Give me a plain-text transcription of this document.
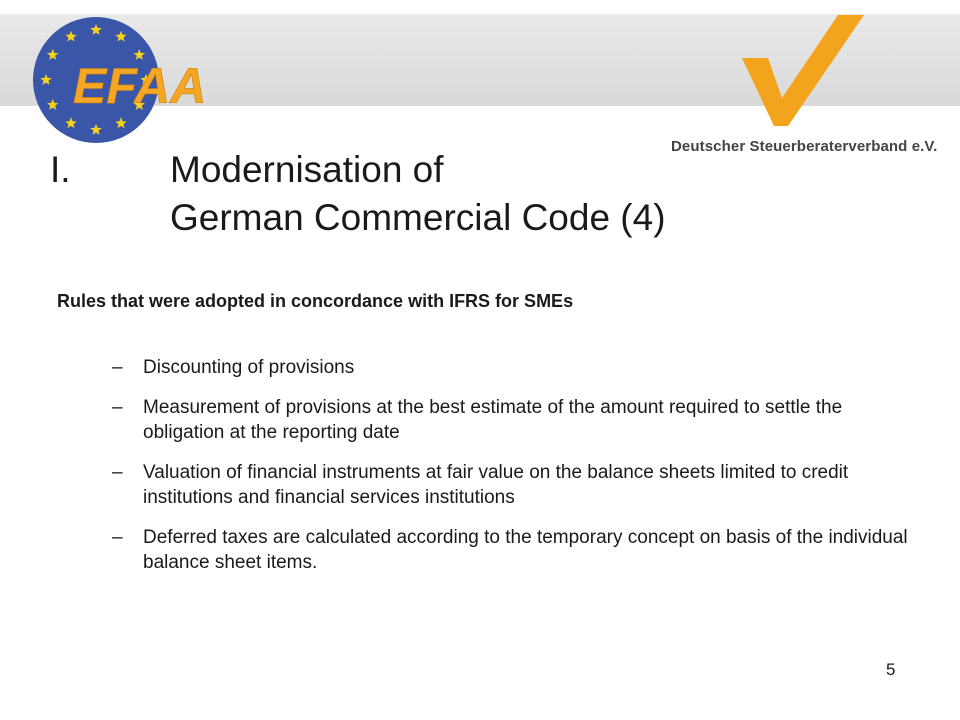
EFAA
Deutscher Steuerberaterverband e.V.
I.	Modernisation of
German Commercial Code (4)
Rules that were adopted in concordance with IFRS for SMEs
– Discounting of provisions
– Measurement of provisions at the best estimate of the amount required to settle the obligation at the reporting date
– Valuation of financial instruments at fair value on the balance sheets limited to credit institutions and financial services institutions
– Deferred taxes are calculated according to the temporary concept on basis of the individual balance sheet items.
5
